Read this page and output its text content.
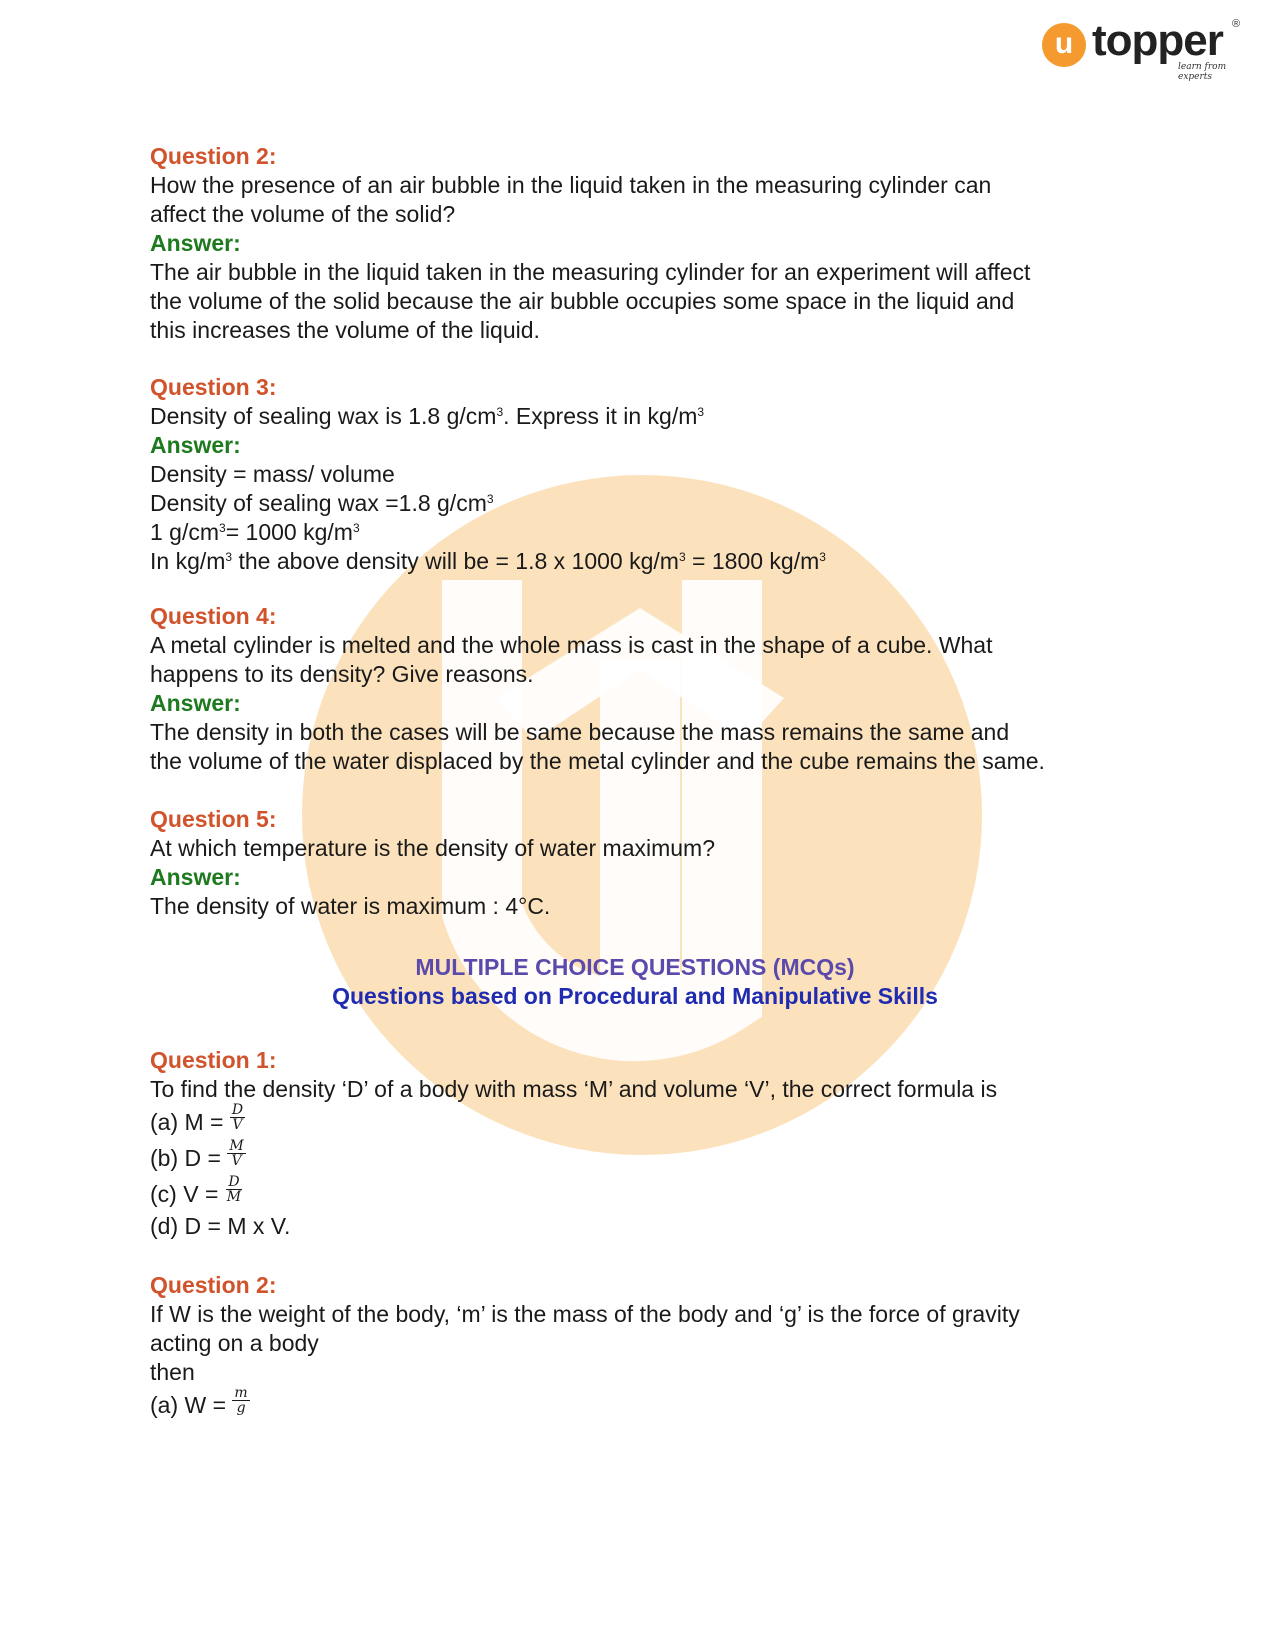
u topper
learn from experts
®
Question 2:
How the presence of an air bubble in the liquid taken in the measuring cylinder can
affect the volume of the solid?
Answer:
The air bubble in the liquid taken in the measuring cylinder for an experiment will affect
the volume of the solid because the air bubble occupies some space in the liquid and
this increases the volume of the liquid.
Question 3:
Density of sealing wax is 1.8 $g/cm^3$. Express it in $kg/m^3$
Answer:
Density = mass/ volume
Density of sealing wax =1.8 $g/cm^3$
1 $g/cm^3= 1000$ $kg/m^3$
In $kg/m^3$ the above density will be = 1.8 x 1000 $kg/m^3 = 1800$ $kg/m^3$
Question 4:
A metal cylinder is melted and the whole mass is cast in the shape of a cube. What
happens to its density? Give reasons.
Answer:
The density in both the cases will be same because the mass remains the same and
the volume of the water displaced by the metal cylinder and the cube remains the same.
Question 5:
At which temperature is the density of water maximum?
Answer:
The density of water is maximum : 4°C.
MULTIPLE CHOICE QUESTIONS (MCQs)
Questions based on Procedural and Manipulative Skills
Question 1:
To find the density ‘D’ of a body with mass ‘M’ and volume ‘V’, the correct formula is
(a) $M = \frac{D}{V}$
(b) $D = \frac{M}{V}$
(c) $V = \frac{D}{M}$
(d) D = M x V.
Question 2:
If W is the weight of the body, ‘m’ is the mass of the body and ‘g’ is the force of gravity
acting on a body
then
(a) $W = \frac{m}{g}$
